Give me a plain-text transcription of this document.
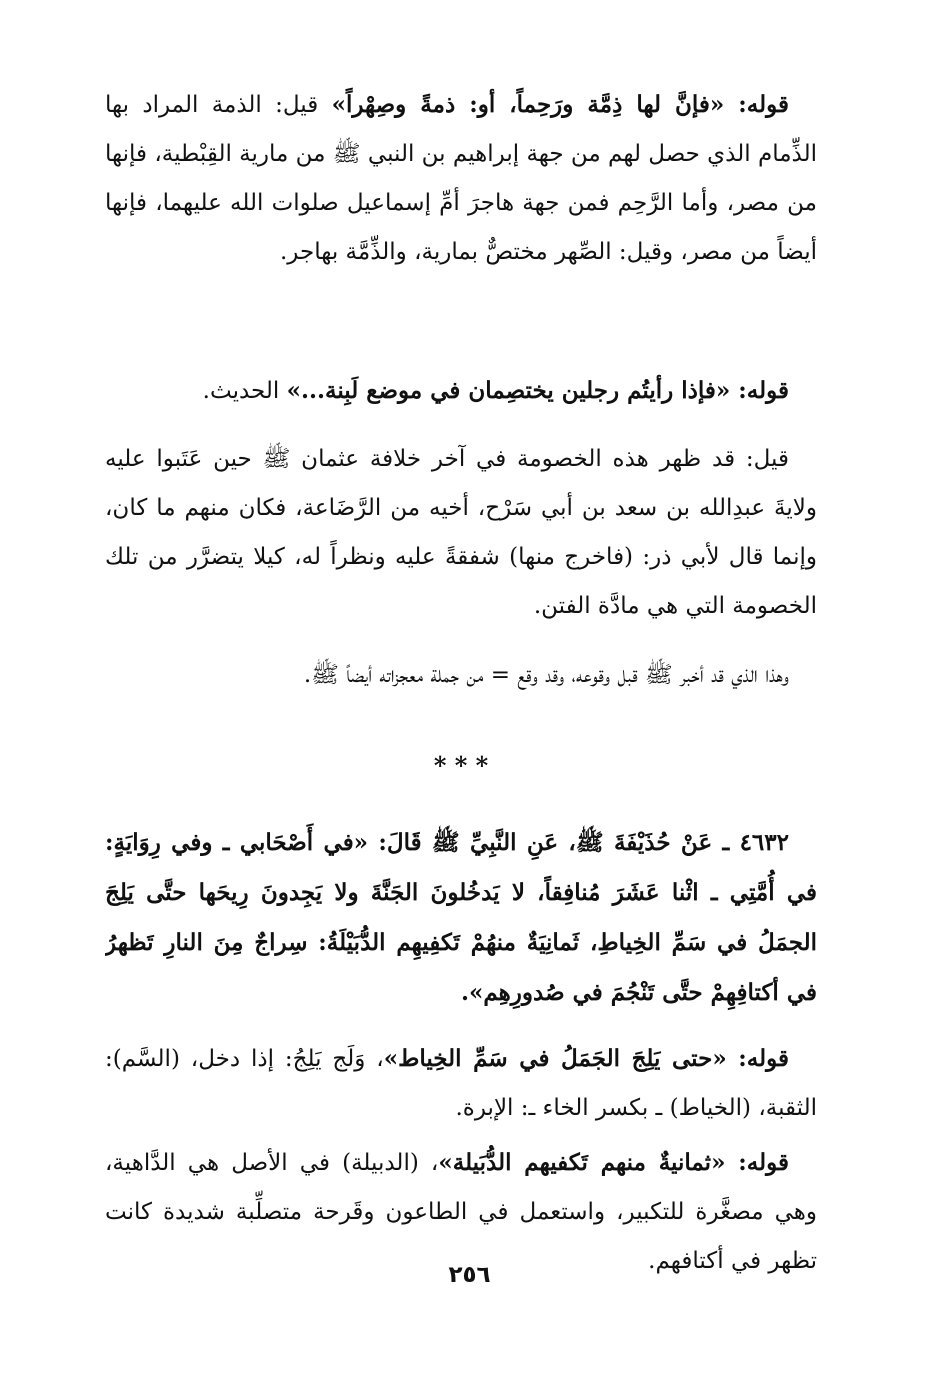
قوله: «فإنَّ لها ذِمَّة ورَحِماً، أو: ذمةً وصِهْراً» قيل: الذمة المراد بها الذِّمام الذي حصل لهم من جهة إبراهيم بن النبي ﷺ من مارية القِبْطية، فإنها من مصر، وأما الرَّحِم فمن جهة هاجرَ أمِّ إسماعيل صلوات الله عليهما، فإنها أيضاً من مصر، وقيل: الصِّهر مختصٌّ بمارية، والذِّمَّة بهاجر.

قوله: «فإذا رأيتُم رجلين يختصِمان في موضع لَبِنة...» الحديث.

قيل: قد ظهر هذه الخصومة في آخر خلافة عثمان ﷺ حين عَتَبوا عليه ولايةَ عبدِالله بن سعد بن أبي سَرْح، أخيه من الرَّضَاعة، فكان منهم ما كان، وإنما قال لأبي ذر: (فاخرج منها) شفقةً عليه ونظراً له، كيلا يتضرَّر من تلك الخصومة التي هي مادَّة الفتن.

وهذا الذي قد أخبر ﷺ قبل وقوعه، وقد وقع = من جملة معجزاته أيضاً ﷺ.

* * *

٤٦٣٢ ـ عَنْ حُذَيْفَةَ ﷺ، عَنِ النَّبِيِّ ﷺ قَالَ: «في أَصْحَابي ـ وفي رِوَايَةٍ: في أُمَّتِي ـ اثْنا عَشَرَ مُنافِقاً، لا يَدخُلونَ الجَنَّةَ ولا يَجِدونَ رِيحَها حتَّى يَلِجَ الجمَلُ في سَمِّ الخِياطِ، ثَمانِيَةٌ منهُمْ تَكفِيهِم الدُّبَيْلَةُ: سِراجٌ مِنَ النارِ تَظهرُ في أكتافِهِمْ حتَّى تَنْجُمَ في صُدورِهِم».

قوله: «حتى يَلِجَ الجَمَلُ في سَمِّ الخِياط»، وَلَج يَلِجُ: إذا دخل، (السَّم): الثقبة، (الخياط) ـ بكسر الخاء ـ: الإبرة.

قوله: «ثمانيةٌ منهم تَكفيهم الدُّبَيلة»، (الدبيلة) في الأصل هي الدَّاهية، وهي مصغَّرة للتكبير، واستعمل في الطاعون وقَرحة متصلِّبة شديدة كانت تظهر في أكتافهم.

٢٥٦
